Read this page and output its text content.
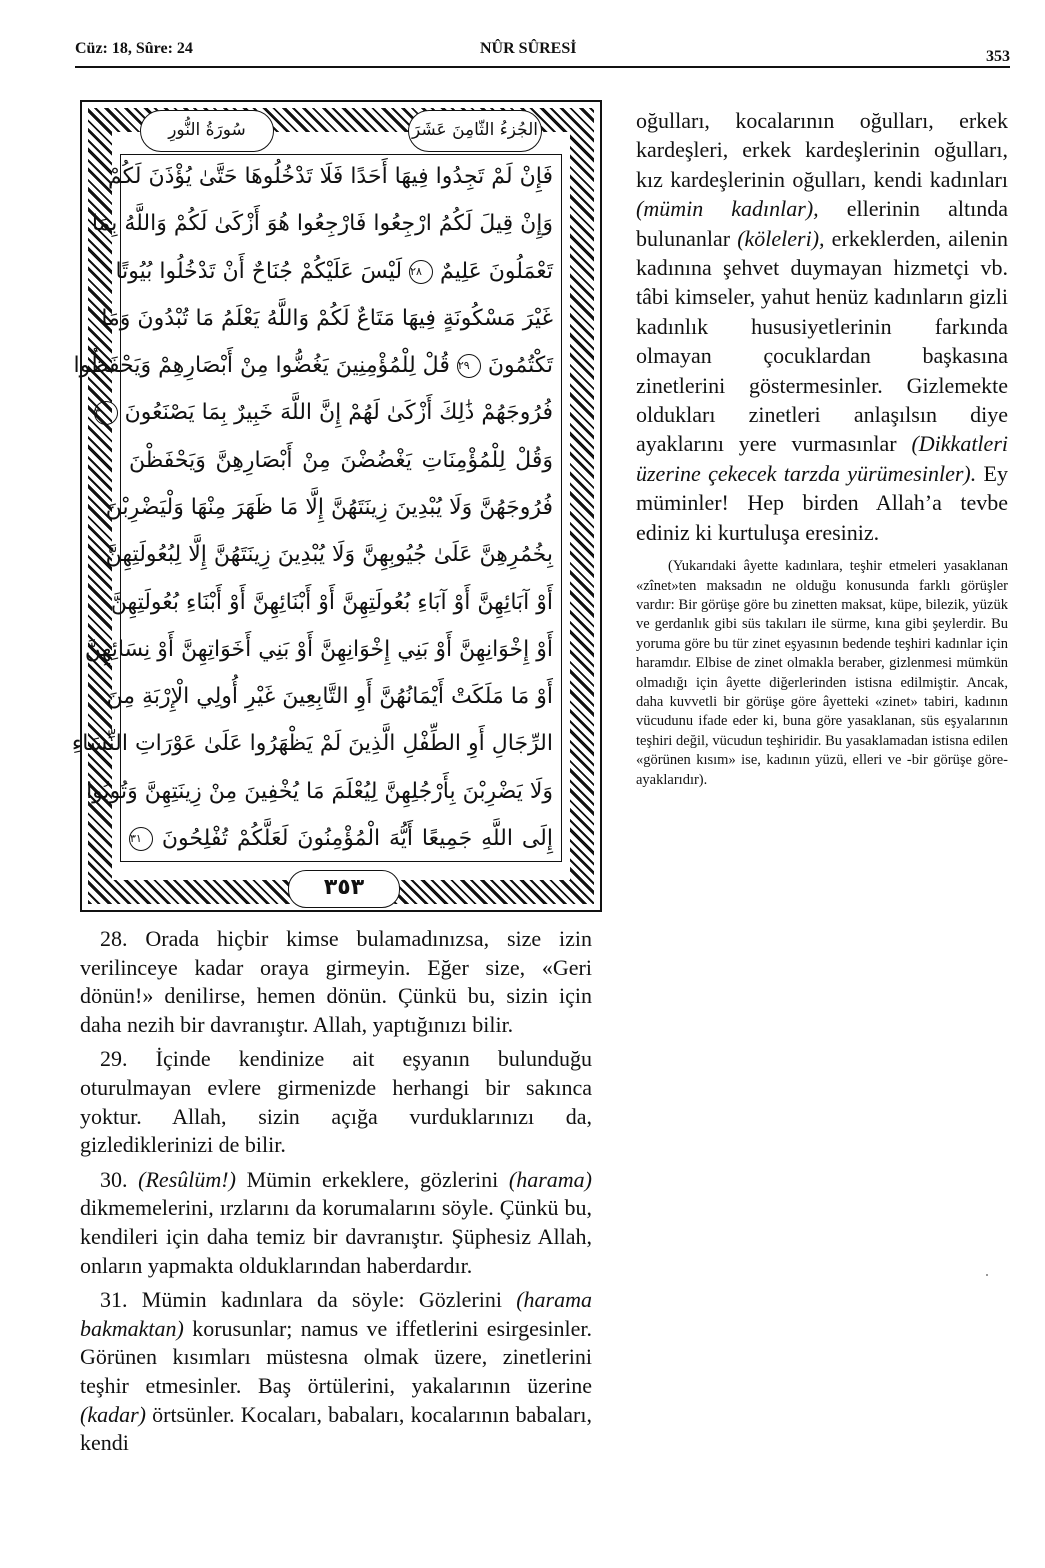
Cüz: 18, Sûre: 24	NÛR SÛRESİ	353
سُورَةُ النُّورِ	الجُزءُ الثّامِنَ عَشَرَ
فَإِنْ لَمْ تَجِدُوا فِيهَا أَحَدًا فَلَا تَدْخُلُوهَا حَتَّىٰ يُؤْذَنَ لَكُمْ
وَإِنْ قِيلَ لَكُمُ ارْجِعُوا فَارْجِعُوا هُوَ أَزْكَىٰ لَكُمْ وَاللَّهُ بِمَا
تَعْمَلُونَ عَلِيمٌ ٢٨ لَيْسَ عَلَيْكُمْ جُنَاحٌ أَنْ تَدْخُلُوا بُيُوتًا
غَيْرَ مَسْكُونَةٍ فِيهَا مَتَاعٌ لَكُمْ وَاللَّهُ يَعْلَمُ مَا تُبْدُونَ وَمَا
تَكْتُمُونَ ٢٩ قُلْ لِلْمُؤْمِنِينَ يَغُضُّوا مِنْ أَبْصَارِهِمْ وَيَحْفَظُوا
فُرُوجَهُمْ ذَٰلِكَ أَزْكَىٰ لَهُمْ إِنَّ اللَّهَ خَبِيرٌ بِمَا يَصْنَعُونَ ٣٠
وَقُلْ لِلْمُؤْمِنَاتِ يَغْضُضْنَ مِنْ أَبْصَارِهِنَّ وَيَحْفَظْنَ
فُرُوجَهُنَّ وَلَا يُبْدِينَ زِينَتَهُنَّ إِلَّا مَا ظَهَرَ مِنْهَا وَلْيَضْرِبْنَ
بِخُمُرِهِنَّ عَلَىٰ جُيُوبِهِنَّ وَلَا يُبْدِينَ زِينَتَهُنَّ إِلَّا لِبُعُولَتِهِنَّ
أَوْ آبَائِهِنَّ أَوْ آبَاءِ بُعُولَتِهِنَّ أَوْ أَبْنَائِهِنَّ أَوْ أَبْنَاءِ بُعُولَتِهِنَّ
أَوْ إِخْوَانِهِنَّ أَوْ بَنِي إِخْوَانِهِنَّ أَوْ بَنِي أَخَوَاتِهِنَّ أَوْ نِسَائِهِنَّ
أَوْ مَا مَلَكَتْ أَيْمَانُهُنَّ أَوِ التَّابِعِينَ غَيْرِ أُولِي الْإِرْبَةِ مِنَ
الرِّجَالِ أَوِ الطِّفْلِ الَّذِينَ لَمْ يَظْهَرُوا عَلَىٰ عَوْرَاتِ النِّسَاءِ
وَلَا يَضْرِبْنَ بِأَرْجُلِهِنَّ لِيُعْلَمَ مَا يُخْفِينَ مِنْ زِينَتِهِنَّ وَتُوبُوا
إِلَى اللَّهِ جَمِيعًا أَيُّهَ الْمُؤْمِنُونَ لَعَلَّكُمْ تُفْلِحُونَ ٣١
٣٥٣

oğulları, kocalarının oğulları, erkek kardeşleri, erkek kardeşlerinin oğulları, kız kardeşlerinin oğulları, kendi kadınları (mümin kadınlar), ellerinin altında bulunanlar (köleleri), erkeklerden, ailenin kadınına şehvet duymayan hizmetçi vb. tâbi kimseler, yahut henüz kadınların gizli kadınlık hususiyetlerinin farkında olmayan çocuklardan başkasına zinetlerini göstermesinler. Gizlemekte oldukları zinetleri anlaşılsın diye ayaklarını yere vurmasınlar (Dikkatleri üzerine çekecek tarzda yürümesinler). Ey müminler! Hep birden Allah’a tevbe ediniz ki kurtuluşa eresiniz.

(Yukarıdaki âyette kadınlara, teşhir etmeleri yasaklanan «zînet»ten maksadın ne olduğu konusunda farklı görüşler vardır: Bir görüşe göre bu zinetten maksat, küpe, bilezik, yüzük ve gerdanlık gibi süs takıları ile sürme, kına gibi şeylerdir. Bu yoruma göre bu tür zinet eşyasının bedende teşhiri kadınlar için haramdır. Elbise de zinet olmakla beraber, gizlenmesi mümkün olmadığı için âyette diğerlerinden istisna edilmiştir. Ancak, daha kuvvetli bir görüşe göre âyetteki «zinet» tabiri, kadının vücudunu ifade eder ki, buna göre yasaklanan, süs eşyalarının teşhiri değil, vücudun teşhiridir. Bu yasaklamadan istisna edilen «görünen kısım» ise, kadının yüzü, elleri ve -bir görüşe göre- ayaklarıdır).

28. Orada hiçbir kimse bulamadınızsa, size izin verilinceye kadar oraya girmeyin. Eğer size, «Geri dönün!» denilirse, hemen dönün. Çünkü bu, sizin için daha nezih bir davranıştır. Allah, yaptığınızı bilir.

29. İçinde kendinize ait eşyanın bulunduğu oturulmayan evlere girmenizde herhangi bir sakınca yoktur. Allah, sizin açığa vurduklarınızı da, gizlediklerinizi de bilir.

30. (Resûlüm!) Mümin erkeklere, gözlerini (harama) dikmemelerini, ırzlarını da korumalarını söyle. Çünkü bu, kendileri için daha temiz bir davranıştır. Şüphesiz Allah, onların yapmakta olduklarından haberdardır.

31. Mümin kadınlara da söyle: Gözlerini (harama bakmaktan) korusunlar; namus ve iffetlerini esirgesinler. Görünen kısımları müstesna olmak üzere, zinetlerini teşhir etmesinler. Baş örtülerini, yakalarının üzerine (kadar) örtsünler. Kocaları, babaları, kocalarının babaları, kendi
